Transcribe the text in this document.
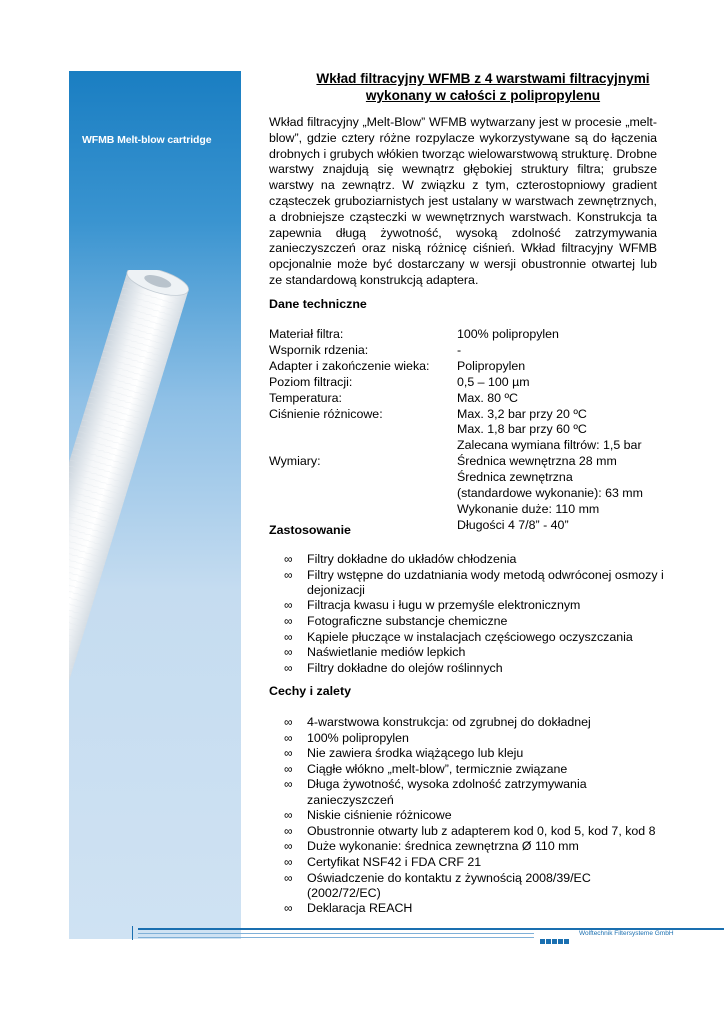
WFMB Melt-blow cartridge
Wolftechnik Filtersysteme GmbH
Wkład filtracyjny WFMB z 4 warstwami filtracyjnymi
wykonany w całości z polipropylenu

Wkład filtracyjny „Melt-Blow” WFMB wytwarzany jest w procesie „melt-blow”, gdzie cztery różne rozpylacze wykorzystywane są do łączenia drobnych i grubych włókien tworząc wielowarstwową strukturę. Drobne warstwy znajdują się wewnątrz głębokiej struktury filtra; grubsze warstwy na zewnątrz. W związku z tym, czterostopniowy gradient cząsteczek gruboziarnistych jest ustalany w warstwach zewnętrznych, a drobniejsze cząsteczki w wewnętrznych warstwach. Konstrukcja ta zapewnia długą żywotność, wysoką zdolność zatrzymywania zanieczyszczeń oraz niską różnicę ciśnień. Wkład filtracyjny WFMB opcjonalnie może być dostarczany w wersji obustronnie otwartej lub ze standardową konstrukcją adaptera.

Dane techniczne
Materiał filtra:	100% polipropylen
Wspornik rdzenia:	-
Adapter i zakończenie wieka:	Polipropylen
Poziom filtracji:	0,5 – 100 µm
Temperatura:	Max. 80 ºC
Ciśnienie różnicowe:	Max. 3,2 bar przy 20 ºC
	Max. 1,8 bar przy 60 ºC
	Zalecana wymiana filtrów: 1,5 bar
Wymiary:	Średnica wewnętrzna 28 mm
	Średnica zewnętrzna
	(standardowe wykonanie): 63 mm
	Wykonanie duże: 110 mm
	Długości 4 7/8” - 40”
Zastosowanie
∞ Filtry dokładne do układów chłodzenia
∞ Filtry wstępne do uzdatniania wody metodą odwróconej osmozy i dejonizacji
∞ Filtracja kwasu i ługu w przemyśle elektronicznym
∞ Fotograficzne substancje chemiczne
∞ Kąpiele płuczące w instalacjach częściowego oczyszczania
∞ Naświetlanie mediów lepkich
∞ Filtry dokładne do olejów roślinnych
Cechy i zalety
∞ 4-warstwowa konstrukcja: od zgrubnej do dokładnej
∞ 100% polipropylen
∞ Nie zawiera środka wiążącego lub kleju
∞ Ciągłe włókno „melt-blow”, termicznie związane
∞ Długa żywotność, wysoka zdolność zatrzymywania zanieczyszczeń
∞ Niskie ciśnienie różnicowe
∞ Obustronnie otwarty lub z adapterem kod 0, kod 5, kod 7, kod 8
∞ Duże wykonanie: średnica zewnętrzna Ø 110 mm
∞ Certyfikat NSF42 i FDA CRF 21
∞ Oświadczenie do kontaktu z żywnością 2008/39/EC (2002/72/EC)
∞ Deklaracja REACH
